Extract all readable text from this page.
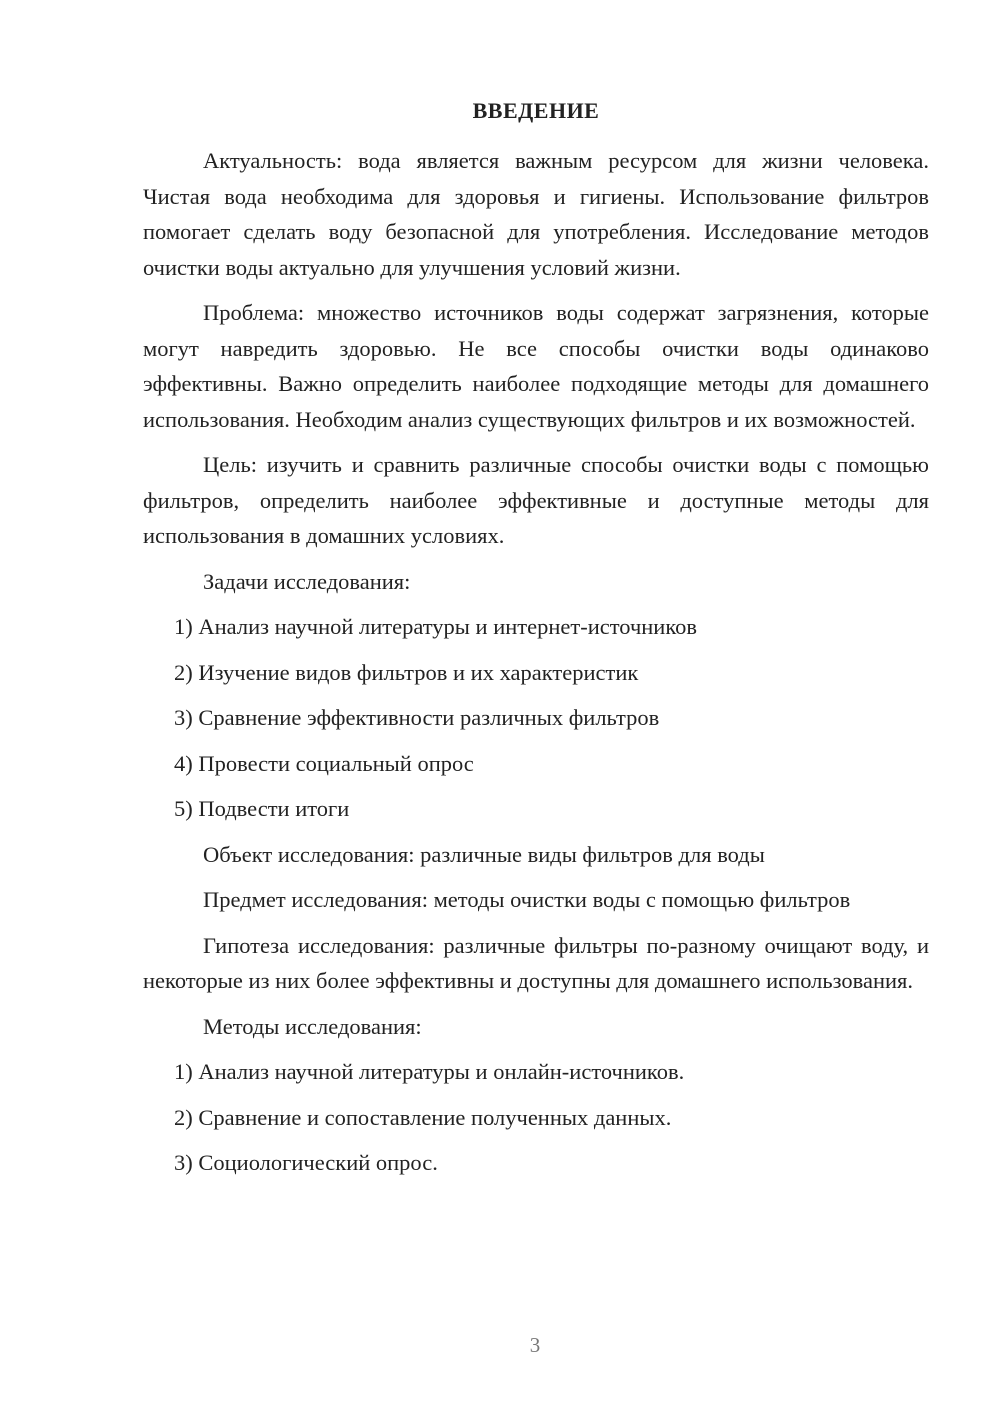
ВВЕДЕНИЕ

Актуальность: вода является важным ресурсом для жизни человека. Чистая вода необходима для здоровья и гигиены. Использование фильтров помогает сделать воду безопасной для употребления. Исследование методов очистки воды актуально для улучшения условий жизни.

Проблема: множество источников воды содержат загрязнения, которые могут навредить здоровью. Не все способы очистки воды одинаково эффективны. Важно определить наиболее подходящие методы для домашнего использования. Необходим анализ существующих фильтров и их возможностей.

Цель: изучить и сравнить различные способы очистки воды с помощью фильтров, определить наиболее эффективные и доступные методы для использования в домашних условиях.

Задачи исследования:

1) Анализ научной литературы и интернет-источников
2) Изучение видов фильтров и их характеристик
3) Сравнение эффективности различных фильтров
4) Провести социальный опрос
5) Подвести итоги

Объект исследования: различные виды фильтров для воды

Предмет исследования: методы очистки воды с помощью фильтров

Гипотеза исследования: различные фильтры по-разному очищают воду, и некоторые из них более эффективны и доступны для домашнего использования.

Методы исследования:

1) Анализ научной литературы и онлайн-источников.
2) Сравнение и сопоставление полученных данных.
3) Социологический опрос.
3
